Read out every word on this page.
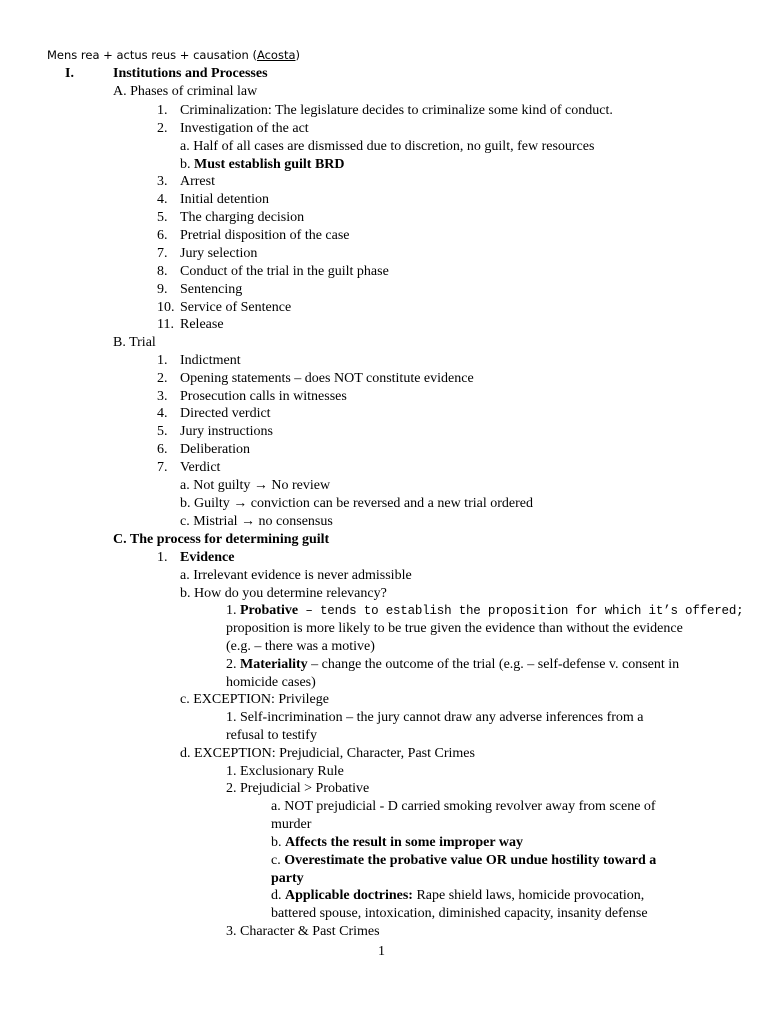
Mens rea + actus reus + causation (Acosta)
I.	Institutions and Processes
A. Phases of criminal law
1. Criminalization: The legislature decides to criminalize some kind of conduct.
2. Investigation of the act
a. Half of all cases are dismissed due to discretion, no guilt, few resources
b. Must establish guilt BRD
3. Arrest
4. Initial detention
5. The charging decision
6. Pretrial disposition of the case
7. Jury selection
8. Conduct of the trial in the guilt phase
9. Sentencing
10. Service of Sentence
11. Release
B. Trial
1. Indictment
2. Opening statements – does NOT constitute evidence
3. Prosecution calls in witnesses
4. Directed verdict
5. Jury instructions
6. Deliberation
7. Verdict
a. Not guilty → No review
b. Guilty → conviction can be reversed and a new trial ordered
c. Mistrial → no consensus
C. The process for determining guilt
1. Evidence
a. Irrelevant evidence is never admissible
b. How do you determine relevancy?
1. Probative – tends to establish the proposition for which it’s offered;
proposition is more likely to be true given the evidence than without the evidence
(e.g. – there was a motive)
2. Materiality – change the outcome of the trial (e.g. – self-defense v. consent in
homicide cases)
c. EXCEPTION: Privilege
1. Self-incrimination – the jury cannot draw any adverse inferences from a
refusal to testify
d. EXCEPTION: Prejudicial, Character, Past Crimes
1. Exclusionary Rule
2. Prejudicial > Probative
a. NOT prejudicial - D carried smoking revolver away from scene of
murder
b. Affects the result in some improper way
c. Overestimate the probative value OR undue hostility toward a
party
d. Applicable doctrines: Rape shield laws, homicide provocation,
battered spouse, intoxication, diminished capacity, insanity defense
3. Character & Past Crimes
1
